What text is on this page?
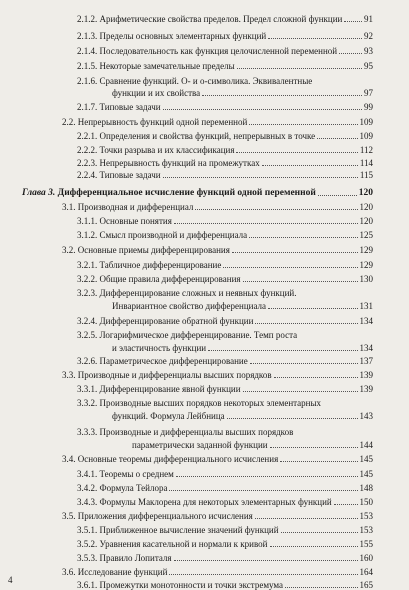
2.1.2. Арифметические свойства пределов. Предел сложной функции 91
2.1.3. Пределы основных элементарных функций	92
2.1.4. Последовательность как функция целочисленной переменной	93
2.1.5. Некоторые замечательные пределы	95
2.1.6. Сравнение функций. O- и o-символика. Эквивалентные
функции и их свойства	97
2.1.7. Типовые задачи	99
2.2. Непрерывность функций одной переменной	109
2.2.1. Определения и свойства функций, непрерывных в точке	109
2.2.2. Точки разрыва и их классификация	112
2.2.3. Непрерывность функций на промежутках	114
2.2.4. Типовые задачи	115
Глава 3. Дифференциальное исчисление функций одной переменной	120
3.1. Производная и дифференциал	120
3.1.1. Основные понятия	120
3.1.2. Смысл производной и дифференциала	125
3.2. Основные приемы дифференцирования	129
3.2.1. Табличное дифференцирование	129
3.2.2. Общие правила дифференцирования	130
3.2.3. Дифференцирование сложных и неявных функций.
Инвариантное свойство дифференциала	131
3.2.4. Дифференцирование обратной функции	134
3.2.5. Логарифмическое дифференцирование. Темп роста
и эластичность функции	134
3.2.6. Параметрическое дифференцирование	137
3.3. Производные и дифференциалы высших порядков	139
3.3.1. Дифференцирование явной функции	139
3.3.2. Производные высших порядков некоторых элементарных
функций. Формула Лейбница	143
3.3.3. Производные и дифференциалы высших порядков
параметрически заданной функции	144
3.4. Основные теоремы дифференциального исчисления	145
3.4.1. Теоремы о среднем	145
3.4.2. Формула Тейлора	148
3.4.3. Формулы Маклорена для некоторых элементарных функций	150
3.5. Приложения дифференциального исчисления	153
3.5.1. Приближенное вычисление значений функций	153
3.5.2. Уравнения касательной и нормали к кривой	155
3.5.3. Правило Лопиталя	160
3.6. Исследование функций	164
3.6.1. Промежутки монотонности и точки экстремума	165
4
